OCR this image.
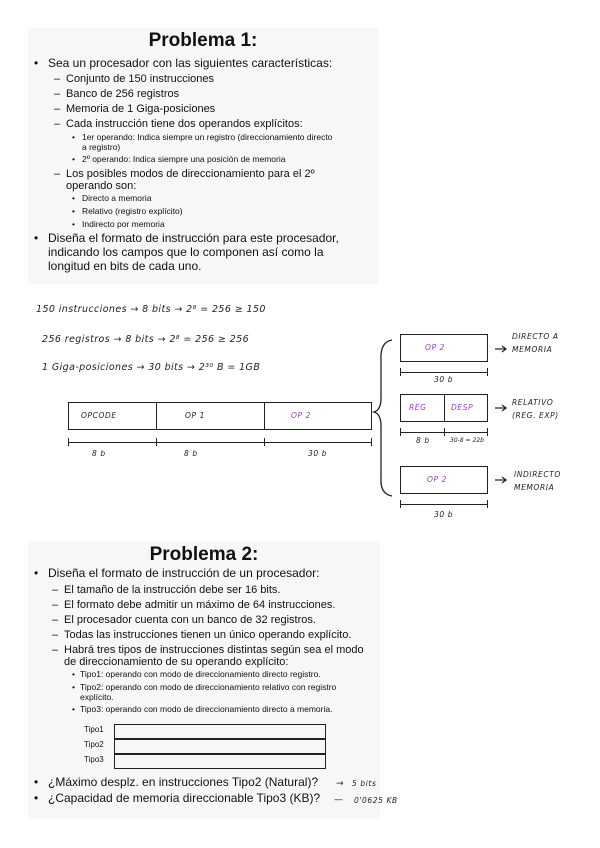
Problema 1:
• Sea un procesador con las siguientes características:
– Conjunto de 150 instrucciones
– Banco de 256 registros
– Memoria de 1 Giga-posiciones
– Cada instrucción tiene dos operandos explícitos:
• 1er operando: Indica siempre un registro (direccionamiento directo
a registro)
• 2º operando: Indica siempre una posición de memoria
– Los posibles modos de direccionamiento para el 2º
operando son:
• Directo a memoria
• Relativo (registro explícito)
• Indirecto por memoria
• Diseña el formato de instrucción para este procesador,
indicando los campos que lo componen así como la
longitud en bits de cada uno.
150 instrucciones → 8 bits → 2⁸ = 256 ≥ 150
256 registros → 8 bits → 2⁸ = 256 ≥ 256
1 Giga-posiciones → 30 bits → 2³⁰ B = 1GB
OPCODE	OP 1	OP 2
8 b	8 b	30 b
OP 2
30 b
DIRECTO A
MEMORIA
REG	DESP
8 b	30-8 = 22b
RELATIVO
(REG. EXP)
OP 2
30 b
INDIRECTO
MEMORIA
Problema 2:
• Diseña el formato de instrucción de un procesador:
– El tamaño de la instrucción debe ser 16 bits.
– El formato debe admitir un máximo de 64 instrucciones.
– El procesador cuenta con un banco de 32 registros.
– Todas las instrucciones tienen un único operando explícito.
– Habrá tres tipos de instrucciones distintas según sea el modo
de direccionamiento de su operando explícito:
• Tipo1: operando con modo de direccionamiento directo registro.
• Tipo2: operando con modo de direccionamiento relativo con registro
explícito.
• Tipo3: operando con modo de direccionamiento directo a memoria.
Tipo1
Tipo2
Tipo3
• ¿Máximo desplz. en instrucciones Tipo2 (Natural)?
• ¿Capacidad de memoria direccionable Tipo3 (KB)?
→ 5 bits
— 0'0625 KB
